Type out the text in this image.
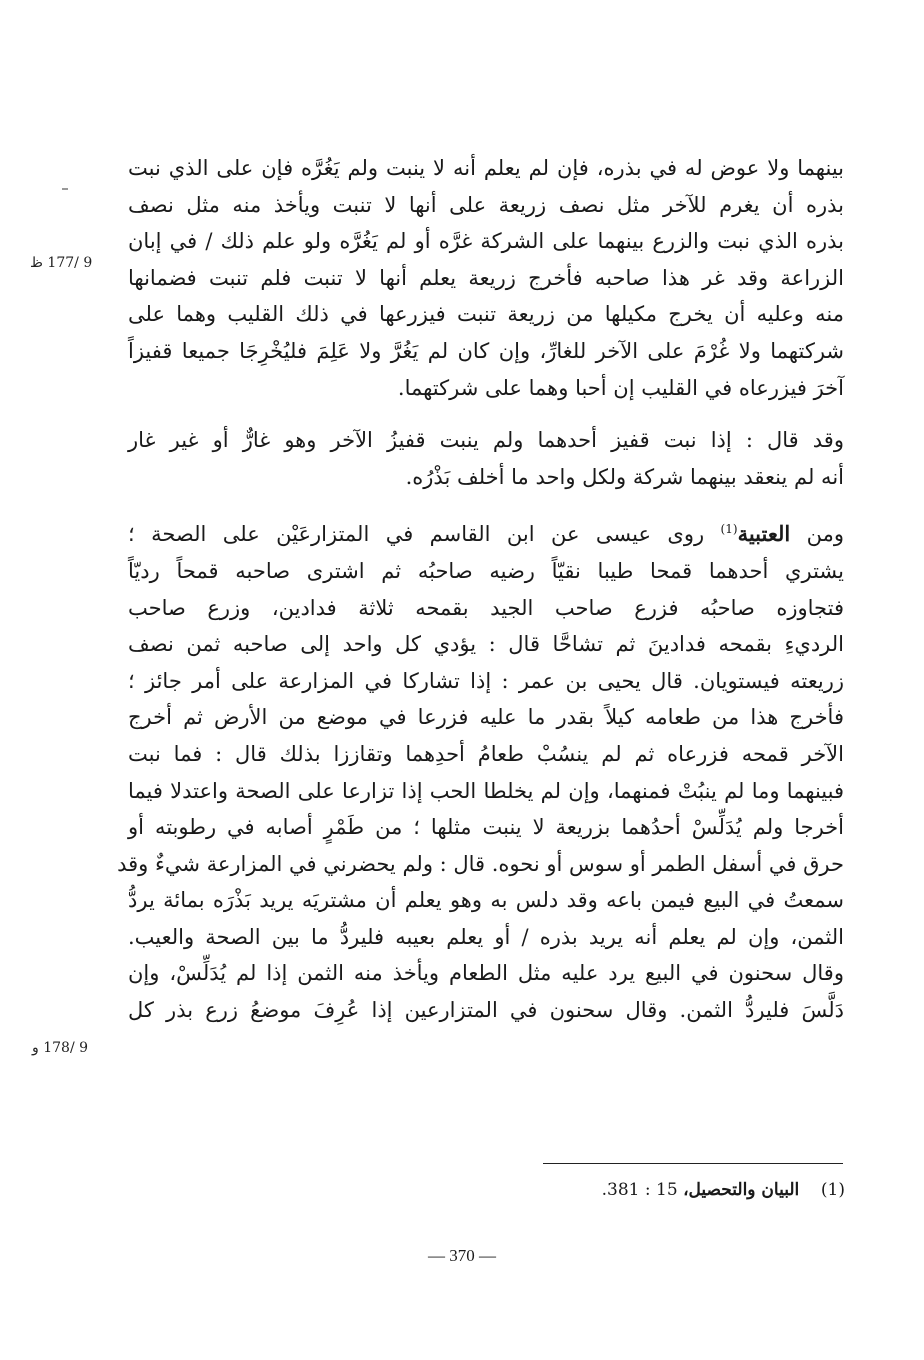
بينهما ولا عوض له في بذره، فإن لم يعلم أنه لا ينبت ولم يَغُرَّه فإن على الذي نبت
بذره أن يغرم للآخر مثل نصف زريعة على أنها لا تنبت ويأخذ منه مثل نصف
بذره الذي نبت والزرع بينهما على الشركة غرَّه أو لم يَغُرَّه ولو علم ذلك / في إبان
الزراعة وقد غر هذا صاحبه فأخرج زريعة يعلم أنها لا تنبت فلم تنبت فضمانها
منه وعليه أن يخرج مكيلها من زريعة تنبت فيزرعها في ذلك القليب وهما على
شركتهما ولا غُرْمَ على الآخر للغارِّ، وإن كان لم يَغُرَّ ولا عَلِمَ فليُخْرِجَا جميعا قفيزاً
آخرَ فيزرعاه في القليب إن أحبا وهما على شركتهما.
وقد قال : إذا نبت قفيز أحدهما ولم ينبت قفيزُ الآخر وهو غارٌّ أو غير غار
أنه لم ينعقد بينهما شركة ولكل واحد ما أخلف بَذْرُه.
ومن العتبية$^{(1)}$ روى عيسى عن ابن القاسم في المتزارعَيْن على الصحة ؛
يشتري أحدهما قمحا طيبا نقيّاً رضيه صاحبُه ثم اشترى صاحبه قمحاً رديّاً
فتجاوزه صاحبُه فزرع صاحب الجيد بقمحه ثلاثة فدادين، وزرع صاحب
الرديءِ بقمحه فدادينَ ثم تشاحَّا قال : يؤدي كل واحد إلى صاحبه ثمن نصف
زريعته فيستويان. قال يحيى بن عمر : إذا تشاركا في المزارعة على أمر جائز ؛
فأخرج هذا من طعامه كيلاً بقدر ما عليه فزرعا في موضع من الأرض ثم أخرج
الآخر قمحه فزرعاه ثم لم ينسُبْ طعامُ أحدِهما وتقاززا بذلك قال : فما نبت
فبينهما وما لم ينبُتْ فمنهما، وإن لم يخلطا الحب إذا تزارعا على الصحة واعتدلا فيما
أخرجا ولم يُدَلِّسْ أحدُهما بزريعة لا ينبت مثلها ؛ من طَمْرٍ أصابه في رطوبته أو
حرق في أسفل الطمر أو سوس أو نحوه. قال : ولم يحضرني في المزارعة شيءٌ وقد
سمعتُ في البيع فيمن باعه وقد دلس به وهو يعلم أن مشتريَه يريد بَذْرَه بمائة يردُّ
الثمن، وإن لم يعلم أنه يريد بذره / أو يعلم بعيبه فليردُّ ما بين الصحة والعيب.
وقال سحنون في البيع يرد عليه مثل الطعام ويأخذ منه الثمن إذا لم يُدَلِّسْ، وإن
دَلَّسَ فليردُّ الثمن. وقال سحنون في المتزارعين إذا عُرِفَ موضعُ زرع بذر كل
9 /177 ظ
9 /178 و
(1)    البيان والتحصيل، 15 : 381.
— 370 —
